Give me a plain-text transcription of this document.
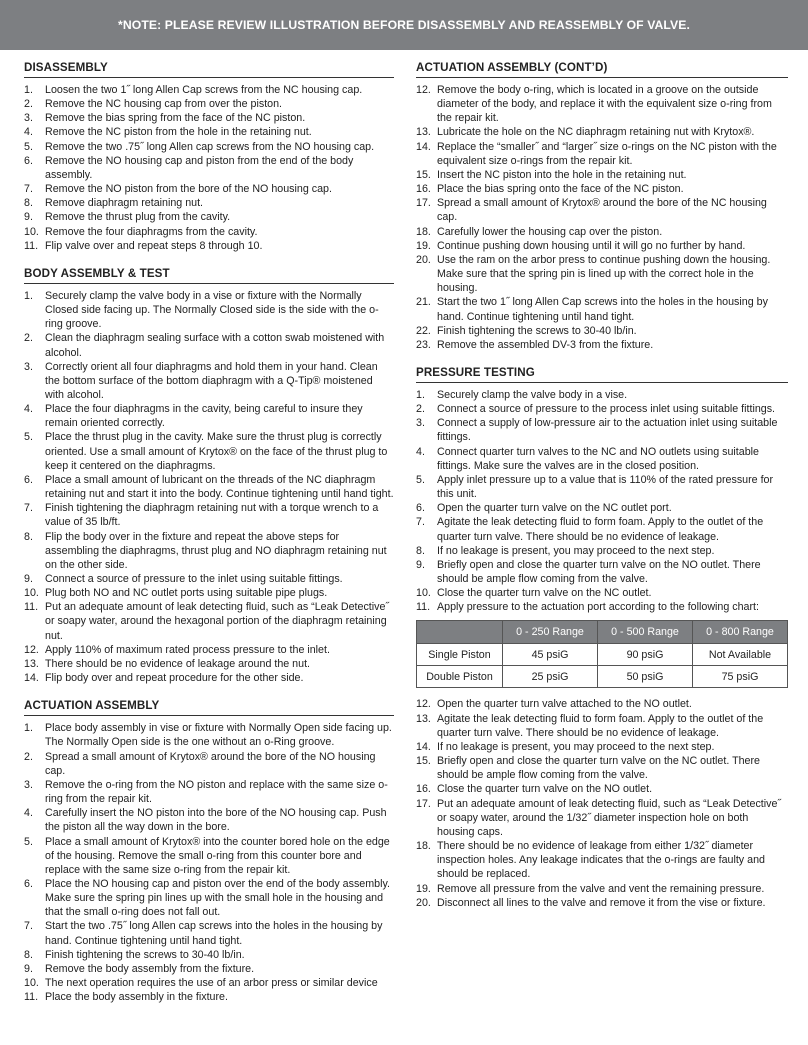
*NOTE: PLEASE REVIEW ILLUSTRATION BEFORE DISASSEMBLY AND REASSEMBLY OF VALVE.
DISASSEMBLY
1. Loosen the two 1˝ long Allen Cap screws from the NC housing cap.
2. Remove the NC housing cap from over the piston.
3. Remove the bias spring from the face of the NC piston.
4. Remove the NC piston from the hole in the retaining nut.
5. Remove the two .75˝ long Allen cap screws from the NO housing cap.
6. Remove the NO housing cap and piston from the end of the body assembly.
7. Remove the NO piston from the bore of the NO housing cap.
8. Remove diaphragm retaining nut.
9. Remove the thrust plug from the cavity.
10. Remove the four diaphragms from the cavity.
11. Flip valve over and repeat steps 8 through 10.
BODY ASSEMBLY & TEST
1. Securely clamp the valve body in a vise or fixture with the Normally Closed side facing up. The Normally Closed side is the side with the o-ring groove.
2. Clean the diaphragm sealing surface with a cotton swab moistened with alcohol.
3. Correctly orient all four diaphragms and hold them in your hand. Clean the bottom surface of the bottom diaphragm with a Q-Tip® moistened with alcohol.
4. Place the four diaphragms in the cavity, being careful to insure they remain oriented correctly.
5. Place the thrust plug in the cavity. Make sure the thrust plug is correctly oriented. Use a small amount of Krytox® on the face of the thrust plug to keep it centered on the diaphragms.
6. Place a small amount of lubricant on the threads of the NC diaphragm retaining nut and start it into the body. Continue tightening until hand tight.
7. Finish tightening the diaphragm retaining nut with a torque wrench to a value of 35 lb/ft.
8. Flip the body over in the fixture and repeat the above steps for assembling the diaphragms, thrust plug and NO diaphragm retaining nut on the other side.
9. Connect a source of pressure to the inlet using suitable fittings.
10. Plug both NO and NC outlet ports using suitable pipe plugs.
11. Put an adequate amount of leak detecting fluid, such as “Leak Detective˝ or soapy water, around the hexagonal portion of the diaphragm retaining nut.
12. Apply 110% of maximum rated process pressure to the inlet.
13. There should be no evidence of leakage around the nut.
14. Flip body over and repeat procedure for the other side.
ACTUATION ASSEMBLY
1. Place body assembly in vise or fixture with Normally Open side facing up. The Normally Open side is the one without an o-Ring groove.
2. Spread a small amount of Krytox® around the bore of the NO housing cap.
3. Remove the o-ring from the NO piston and replace with the same size o-ring from the repair kit.
4. Carefully insert the NO piston into the bore of the NO housing cap. Push the piston all the way down in the bore.
5. Place a small amount of Krytox® into the counter bored hole on the edge of the housing. Remove the small o-ring from this counter bore and replace with the same size o-ring from the repair kit.
6. Place the NO housing cap and piston over the end of the body assembly. Make sure the spring pin lines up with the small hole in the housing and that the small o-ring does not fall out.
7. Start the two .75˝ long Allen cap screws into the holes in the housing by hand. Continue tightening until hand tight.
8. Finish tightening the screws to 30-40 lb/in.
9. Remove the body assembly from the fixture.
10. The next operation requires the use of an arbor press or similar device
11. Place the body assembly in the fixture.
ACTUATION ASSEMBLY (CONT’D)
12. Remove the body o-ring, which is located in a groove on the outside diameter of the body, and replace it with the equivalent size o-ring from the repair kit.
13. Lubricate the hole on the NC diaphragm retaining nut with Krytox®.
14. Replace the “smaller˝ and “larger˝ size o-rings on the NC piston with the equivalent size o-rings from the repair kit.
15. Insert the NC piston into the hole in the retaining nut.
16. Place the bias spring onto the face of the NC piston.
17. Spread a small amount of Krytox® around the bore of the NC housing cap.
18. Carefully lower the housing cap over the piston.
19. Continue pushing down housing until it will go no further by hand.
20. Use the ram on the arbor press to continue pushing down the housing. Make sure that the spring pin is lined up with the correct hole in the housing.
21. Start the two 1˝ long Allen Cap screws into the holes in the housing by hand. Continue tightening until hand tight.
22. Finish tightening the screws to 30-40 lb/in.
23. Remove the assembled DV-3 from the fixture.
PRESSURE TESTING
1. Securely clamp the valve body in a vise.
2. Connect a source of pressure to the process inlet using suitable fittings.
3. Connect a supply of low-pressure air to the actuation inlet using suitable fittings.
4. Connect quarter turn valves to the NC and NO outlets using suitable fittings. Make sure the valves are in the closed position.
5. Apply inlet pressure up to a value that is 110% of the rated pressure for this unit.
6. Open the quarter turn valve on the NC outlet port.
7. Agitate the leak detecting fluid to form foam. Apply to the outlet of the quarter turn valve. There should be no evidence of leakage.
8. If no leakage is present, you may proceed to the next step.
9. Briefly open and close the quarter turn valve on the NO outlet. There should be ample flow coming from the valve.
10. Close the quarter turn valve on the NC outlet.
11. Apply pressure to the actuation port according to the following chart:
	0 - 250 Range	0 - 500 Range	0 - 800 Range
Single Piston	45 psiG	90 psiG	Not Available
Double Piston	25 psiG	50 psiG	75 psiG
12. Open the quarter turn valve attached to the NO outlet.
13. Agitate the leak detecting fluid to form foam. Apply to the outlet of the quarter turn valve. There should be no evidence of leakage.
14. If no leakage is present, you may proceed to the next step.
15. Briefly open and close the quarter turn valve on the NC outlet. There should be ample flow coming from the valve.
16. Close the quarter turn valve on the NO outlet.
17. Put an adequate amount of leak detecting fluid, such as “Leak Detective˝ or soapy water, around the 1/32˝ diameter inspection hole on both housing caps.
18. There should be no evidence of leakage from either 1/32˝ diameter inspection holes. Any leakage indicates that the o-rings are faulty and should be replaced.
19. Remove all pressure from the valve and vent the remaining pressure.
20. Disconnect all lines to the valve and remove it from the vise or fixture.
